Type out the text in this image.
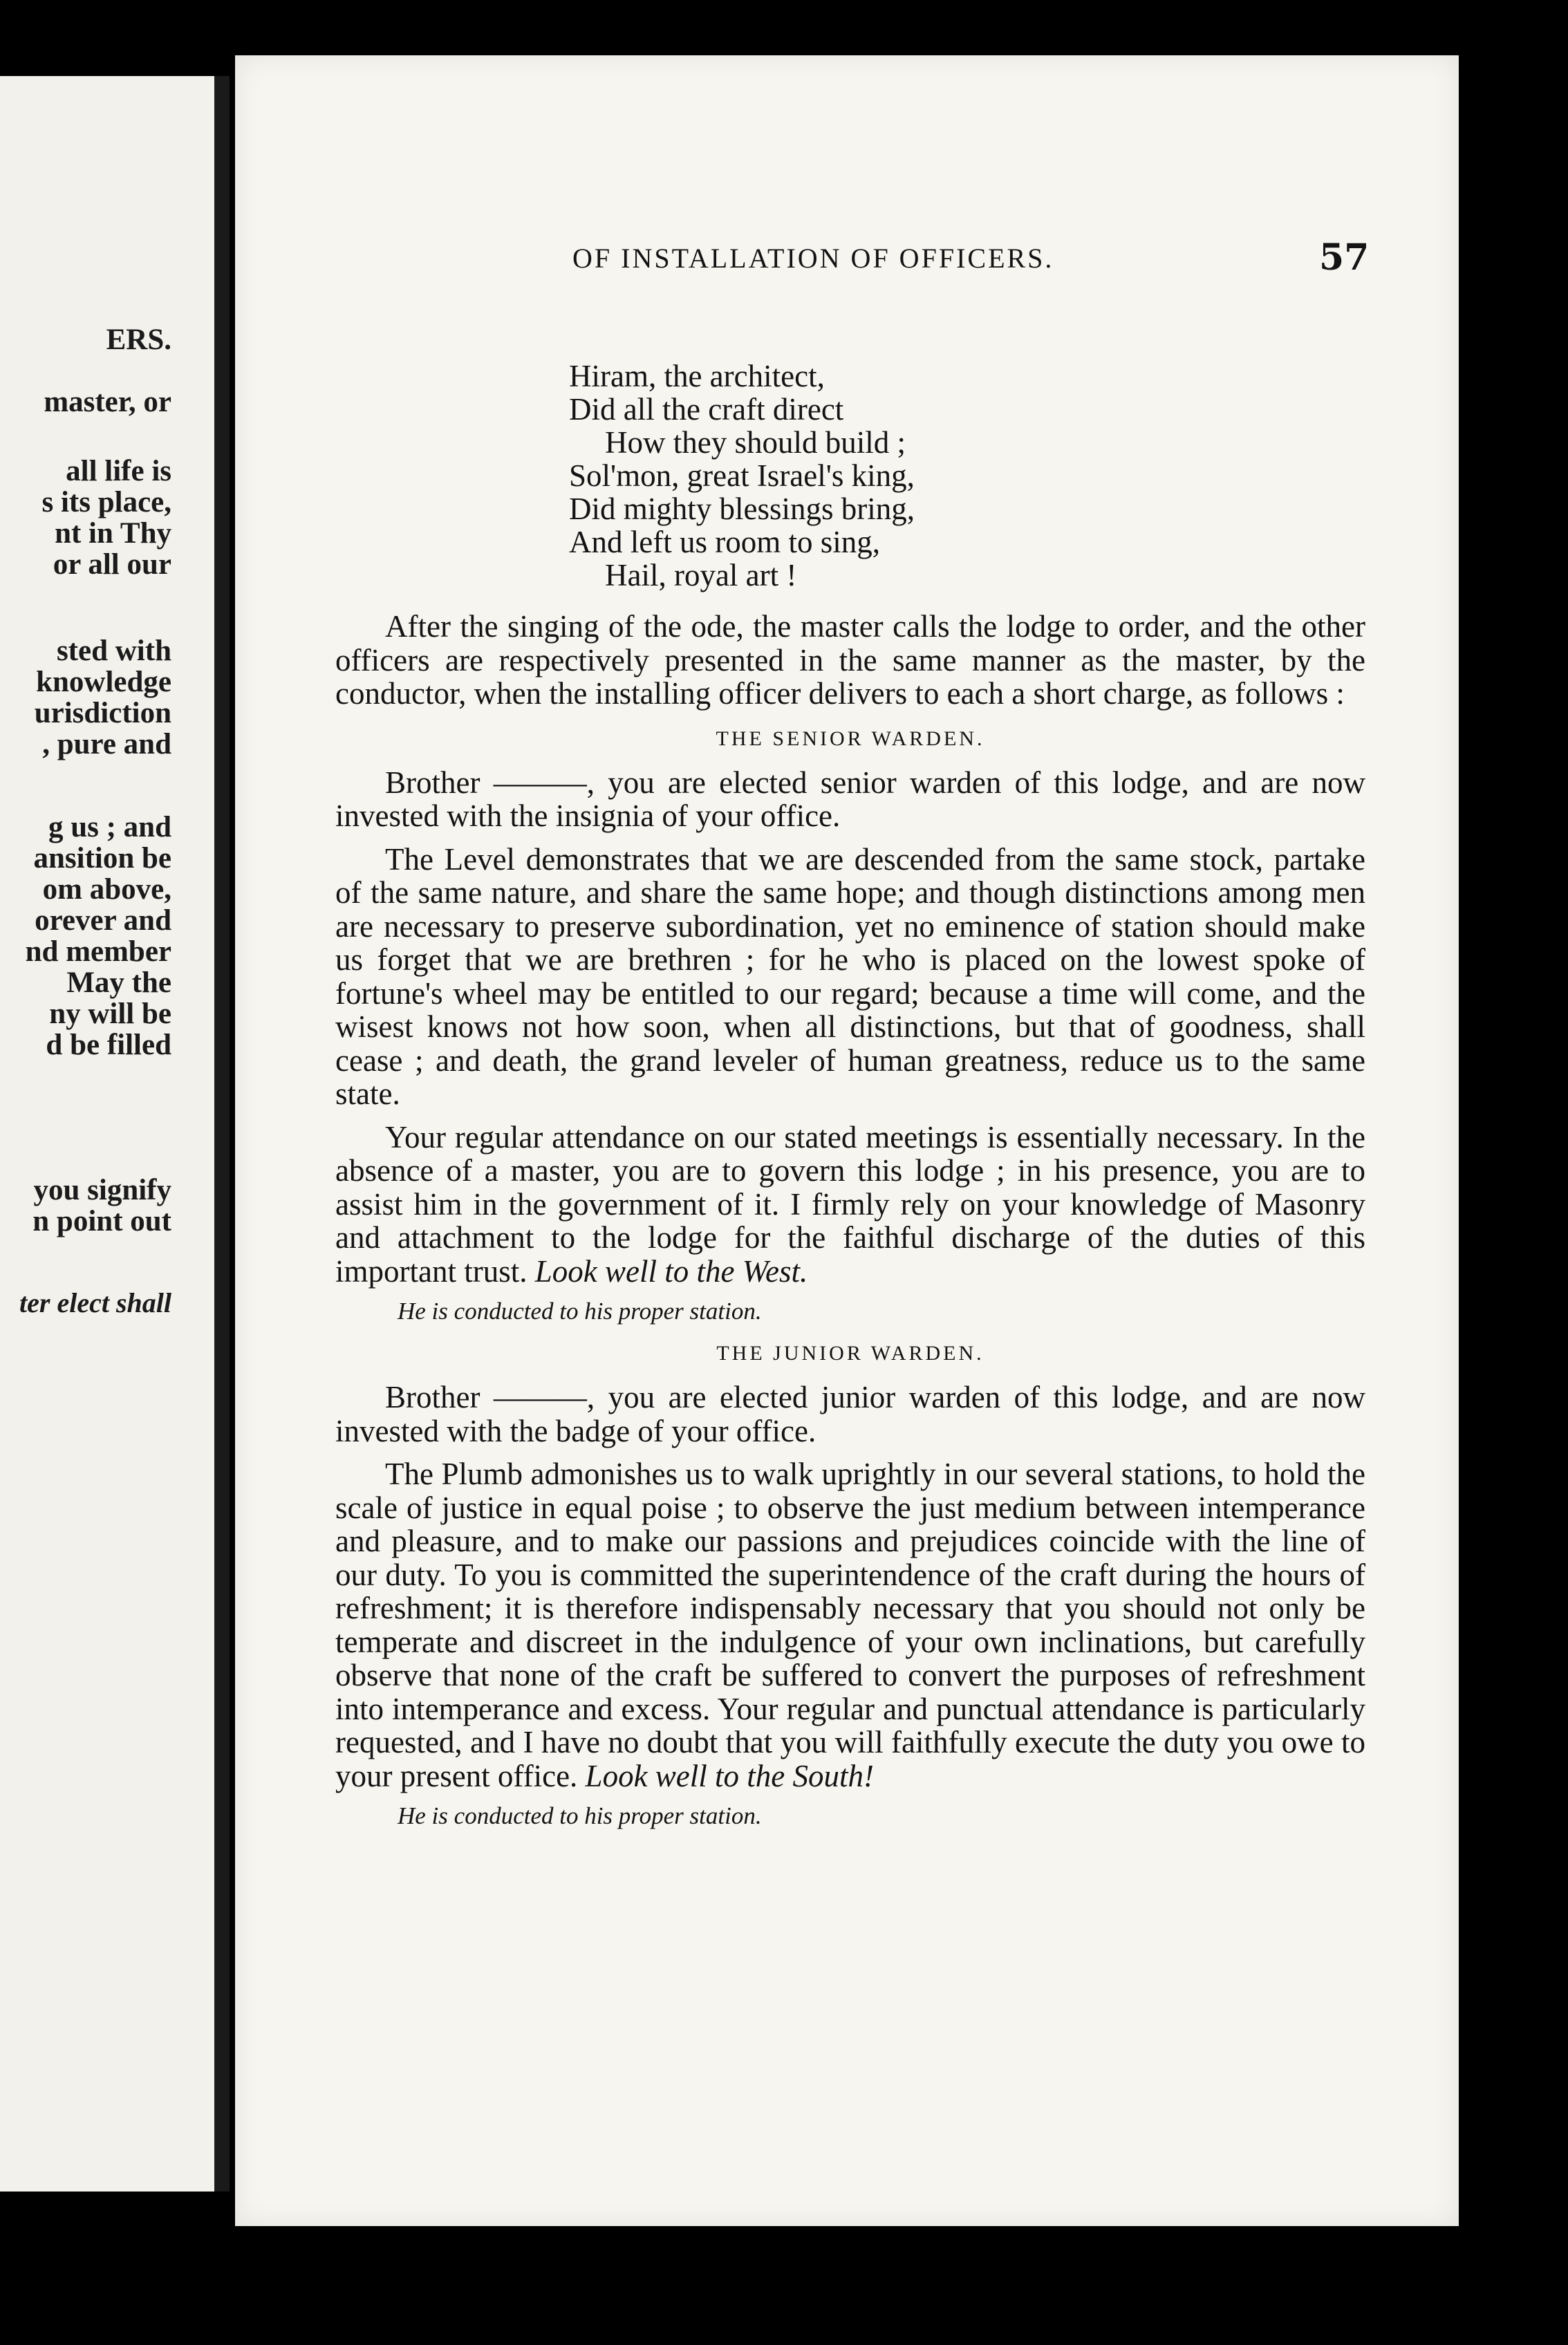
ERS.
master, or
all life is
s its place,
nt in Thy
or all our
sted with
knowledge
urisdiction
, pure and
g us ; and
ansition be
om above,
orever and
nd member
May the
ny will be
d be filled
you signify
n point out
ter elect shall
OF INSTALLATION OF OFFICERS.	57
Hiram, the architect,
Did all the craft direct
How they should build ;
Sol'mon, great Israel's king,
Did mighty blessings bring,
And left us room to sing,
Hail, royal art !

After the singing of the ode, the master calls the lodge to order, and the other officers are respectively presented in the same manner as the master, by the conductor, when the installing officer delivers to each a short charge, as follows :

THE SENIOR WARDEN.

Brother ———, you are elected senior warden of this lodge, and are now invested with the insignia of your office.

The Level demonstrates that we are descended from the same stock, partake of the same nature, and share the same hope; and though distinctions among men are necessary to preserve subordination, yet no eminence of station should make us forget that we are brethren ; for he who is placed on the lowest spoke of fortune's wheel may be entitled to our regard; because a time will come, and the wisest knows not how soon, when all distinctions, but that of goodness, shall cease ; and death, the grand leveler of human greatness, reduce us to the same state.

Your regular attendance on our stated meetings is essentially necessary. In the absence of a master, you are to govern this lodge ; in his presence, you are to assist him in the government of it. I firmly rely on your knowledge of Masonry and attachment to the lodge for the faithful discharge of the duties of this important trust. Look well to the West.

He is conducted to his proper station.
THE JUNIOR WARDEN.

Brother ———, you are elected junior warden of this lodge, and are now invested with the badge of your office.

The Plumb admonishes us to walk uprightly in our several stations, to hold the scale of justice in equal poise ; to observe the just medium between intemperance and pleasure, and to make our passions and prejudices coincide with the line of our duty. To you is committed the superintendence of the craft during the hours of refreshment; it is therefore indispensably necessary that you should not only be temperate and discreet in the indulgence of your own inclinations, but carefully observe that none of the craft be suffered to convert the purposes of refreshment into intemperance and excess. Your regular and punctual attendance is particularly requested, and I have no doubt that you will faithfully execute the duty you owe to your present office. Look well to the South!

He is conducted to his proper station.
